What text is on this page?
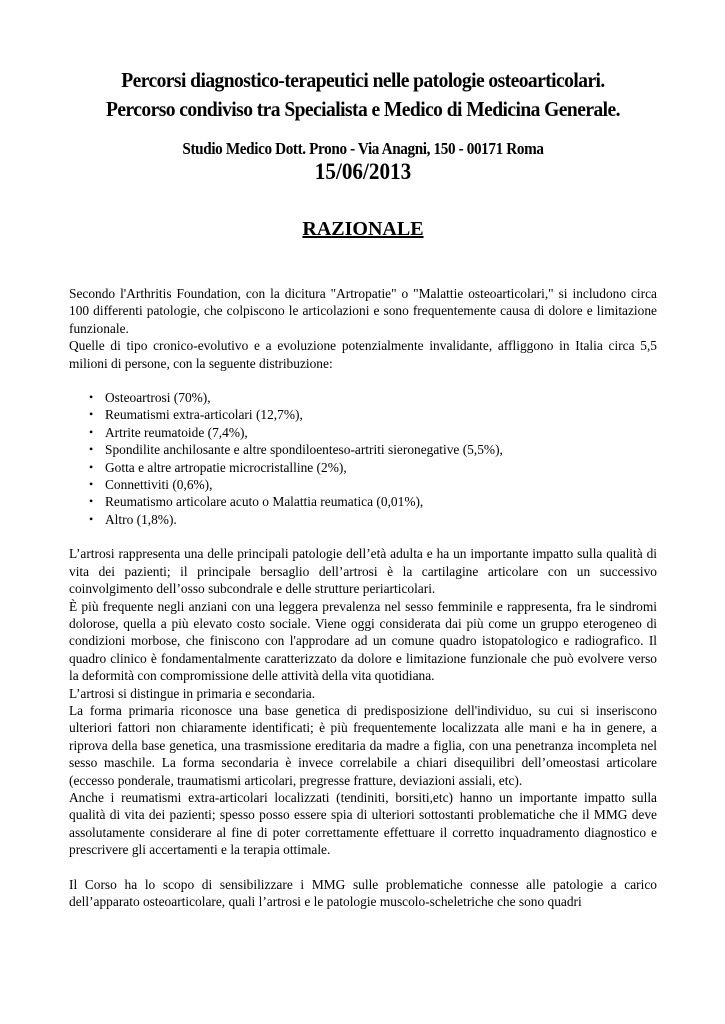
Percorsi diagnostico-terapeutici nelle patologie osteoarticolari.

Percorso condiviso tra Specialista e Medico di Medicina Generale.

Studio Medico Dott. Prono - Via Anagni, 150 - 00171 Roma
15/06/2013
RAZIONALE

Secondo l'Arthritis Foundation, con la dicitura "Artropatie" o "Malattie osteoarticolari," si includono circa 100 differenti patologie, che colpiscono le articolazioni e sono frequentemente causa di dolore e limitazione funzionale.

Quelle di tipo cronico-evolutivo e a evoluzione potenzialmente invalidante, affliggono in Italia circa 5,5 milioni di persone, con la seguente distribuzione:

• Osteoartrosi (70%),
• Reumatismi extra-articolari (12,7%),
• Artrite reumatoide (7,4%),
• Spondilite anchilosante e altre spondiloenteso-artriti sieronegative (5,5%),
• Gotta e altre artropatie microcristalline (2%),
• Connettiviti (0,6%),
• Reumatismo articolare acuto o Malattia reumatica (0,01%),
• Altro (1,8%).

L’artrosi rappresenta una delle principali patologie dell’età adulta e ha un importante impatto sulla qualità di vita dei pazienti; il principale bersaglio dell’artrosi è la cartilagine articolare con un successivo coinvolgimento dell’osso subcondrale e delle strutture periarticolari.

È più frequente negli anziani con una leggera prevalenza nel sesso femminile e rappresenta, fra le sindromi dolorose, quella a più elevato costo sociale. Viene oggi considerata dai più come un gruppo eterogeneo di condizioni morbose, che finiscono con l'approdare ad un comune quadro istopatologico e radiografico. Il quadro clinico è fondamentalmente caratterizzato da dolore e limitazione funzionale che può evolvere verso la deformità con compromissione delle attività della vita quotidiana.

L’artrosi si distingue in primaria e secondaria.

La forma primaria riconosce una base genetica di predisposizione dell'individuo, su cui si inseriscono ulteriori fattori non chiaramente identificati; è più frequentemente localizzata alle mani e ha in genere, a riprova della base genetica, una trasmissione ereditaria da madre a figlia, con una penetranza incompleta nel sesso maschile. La forma secondaria è invece correlabile a chiari disequilibri dell’omeostasi articolare (eccesso ponderale, traumatismi articolari, pregresse fratture, deviazioni assiali, etc).

Anche i reumatismi extra-articolari localizzati (tendiniti, borsiti,etc) hanno un importante impatto sulla qualità di vita dei pazienti; spesso posso essere spia di ulteriori sottostanti problematiche che il MMG deve assolutamente considerare al fine di poter correttamente effettuare il corretto inquadramento diagnostico e prescrivere gli accertamenti e la terapia ottimale.

Il Corso ha lo scopo di sensibilizzare i MMG sulle problematiche connesse alle patologie a carico dell’apparato osteoarticolare, quali l’artrosi e le patologie muscolo-scheletriche che sono quadri
